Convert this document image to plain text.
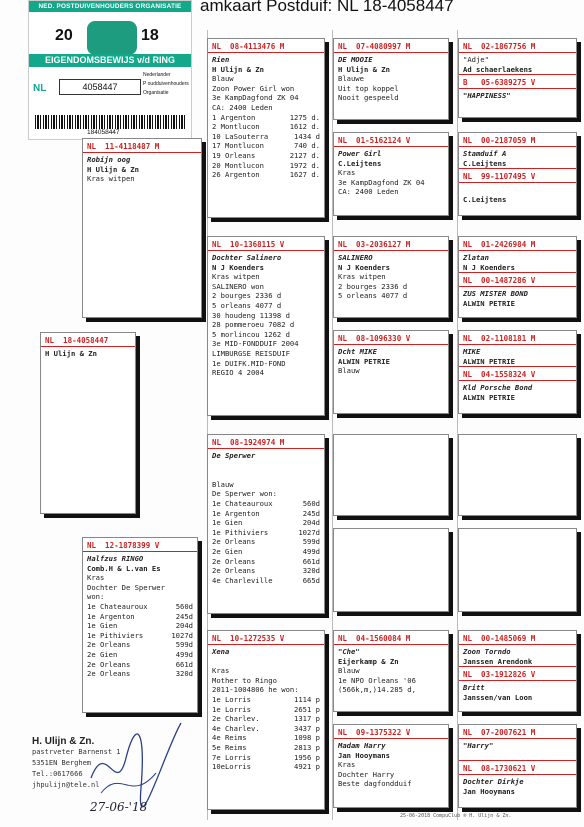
amkaart Postduif: NL 18-4058447
NED. POSTDUIVENHOUDERS ORGANISATIE
20	18
EIGENDOMSBEWIJS v/d RING
NL	4058447
Nederlander
P oudduivenhouders
Organisatie
184058447
NL  18-4058447
H Ulijn & Zn
NL  11-4118487 M
Robijn oog
H Ulijn & Zn
Kras witpen
NL  12-1878399 V
Halfzus RINGO
Comb.H & L.van Es
Kras
Dochter De Sperwer
won:
1e Chateauroux	560d
1e Argenton	245d
1e Gien	204d
1e Pithiviers	1027d
2e Orleans	599d
2e Gien	499d
2e Orleans	661d
2e Orleans	320d
NL  08-4113476 M
Rien
H Ulijn & Zn
Blauw
Zoon Power Girl won
3e KampDagfond ZK 04
CA: 2400 Leden
1 Argenton	1275 d.
2 Montlucon	1612 d.
10 LaSouterra	1434 d
17 Montlucon	740 d.
19 Orleans	2127 d.
20 Montlucon	1972 d.
26 Argenton	1627 d.
NL  10-1368115 V
Dochter Salinero
N J Koenders
Kras witpen
SALINERO won
2 bourges 2336 d
5 orleans 4077 d
30 houdeng 11398 d
28 pommeroeu 7082 d
5 morlincou 1262 d
3e MID-FONDDUIF 2004
LIMBURGSE REISDUIF
1e DUIFK.MID-FOND
REGIO 4 2004
NL  08-1924974 M
De Sperwer

Blauw
De Sperwer won:
1e Chateauroux	560d
1e Argenton	245d
1e Gien	204d
1e Pithiviers	1027d
2e Orleans	599d
2e Gien	499d
2e Orleans	661d
2e Orleans	320d
4e Charleville	665d
NL  10-1272535 V
Xena

Kras
Mother to Ringo
2011-1004806 he won:
1e Lorris	1114 p
1e Lorris	2651 p
2e Charlev.	1317 p
4e Charlev.	3437 p
4e Reims	1098 p
5e Reims	2813 p
7e Lorris	1956 p
10eLorris	4921 p
NL  07-4080997 M
DE MOOIE
H Ulijn & Zn
Blauwe
Uit top koppel
Nooit gespeeld
NL  01-5162124 V
Power Girl
C.Leijtens
Kras
3e KampDagfond ZK 04
CA: 2400 Leden
NL  03-2036127 M
SALINERO
N J Koenders
Kras witpen
2 bourges 2336 d
5 orleans 4077 d
NL  08-1096330 V
Dcht MIKE
ALWIN PETRIE
Blauw
NL  04-1560084 M
"Che"
Eijerkamp & Zn
Blauw
1e NPO Orleans '06
(566k,m,)14.285 d,
NL  09-1375322 V
Madam Harry
Jan Hooymans
Kras
Dochter Harry
Beste dagfondduif
NL  02-1867756 M
"Adje"
Ad schaerlaekens
B   05-6389275 V
"HAPPINESS"
NL  00-2187059 M
Stamduif A
C.Leijtens
NL  99-1107495 V

C.Leijtens
NL  01-2426984 M
Zlatan
N J Koenders
NL  00-1487286 V
ZUS MISTER BOND
ALWIN PETRIE
NL  02-1108181 M
MIKE
ALWIN PETRIE
NL  04-1558324 V
Kld Porsche Bond
ALWIN PETRIE
NL  00-1485069 M
Zoon Torndo
Janssen Arendonk
NL  03-1912826 V
Britt
Janssen/van Loon
NL  07-2007621 M
"Harry"

NL  08-1730621 V
Dochter Dirkje
Jan Hooymans
H. Ulijn & Zn.
pastrveter Barnenst 1
5351EN Berghem
Tel.:0617666
jhpulijn@tele.nl
27-06-'18
25-06-2018 CompuClub ® H. Ulijn & Zn.
